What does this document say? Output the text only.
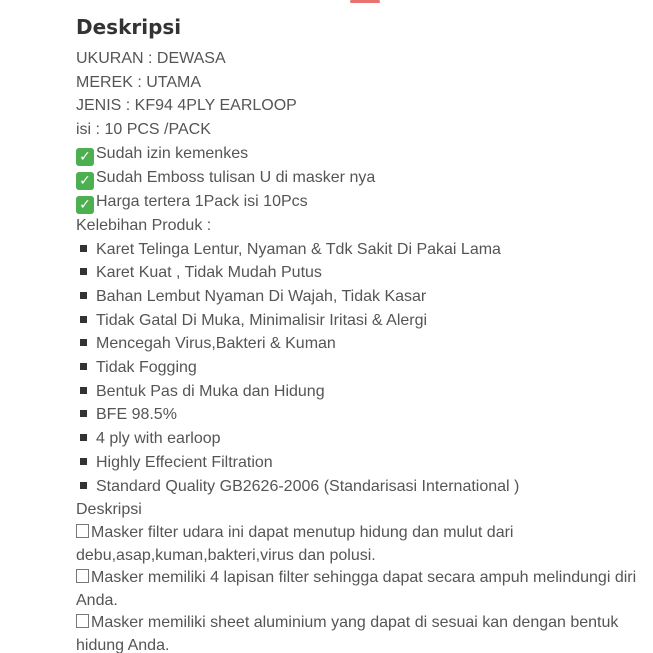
Deskripsi
UKURAN : DEWASA
MEREK : UTAMA
JENIS : KF94 4PLY EARLOOP
isi : 10 PCS /PACK
✓ Sudah izin kemenkes
✓ Sudah Emboss tulisan U di masker nya
✓ Harga tertera 1Pack isi 10Pcs
Kelebihan Produk :
Karet Telinga Lentur, Nyaman & Tdk Sakit Di Pakai Lama
Karet Kuat , Tidak Mudah Putus
Bahan Lembut Nyaman Di Wajah, Tidak Kasar
Tidak Gatal Di Muka, Minimalisir Iritasi & Alergi
Mencegah Virus,Bakteri & Kuman
Tidak Fogging
Bentuk Pas di Muka dan Hidung
BFE 98.5%
4 ply with earloop
Highly Effecient Filtration
Standard Quality GB2626-2006 (Standarisasi International )
Deskripsi

Masker filter udara ini dapat menutup hidung dan mulut dari debu,asap,kuman,bakteri,virus dan polusi.

Masker memiliki 4 lapisan filter sehingga dapat secara ampuh melindungi diri Anda.

Masker memiliki sheet aluminium yang dapat di sesuai kan dengan bentuk hidung Anda.
